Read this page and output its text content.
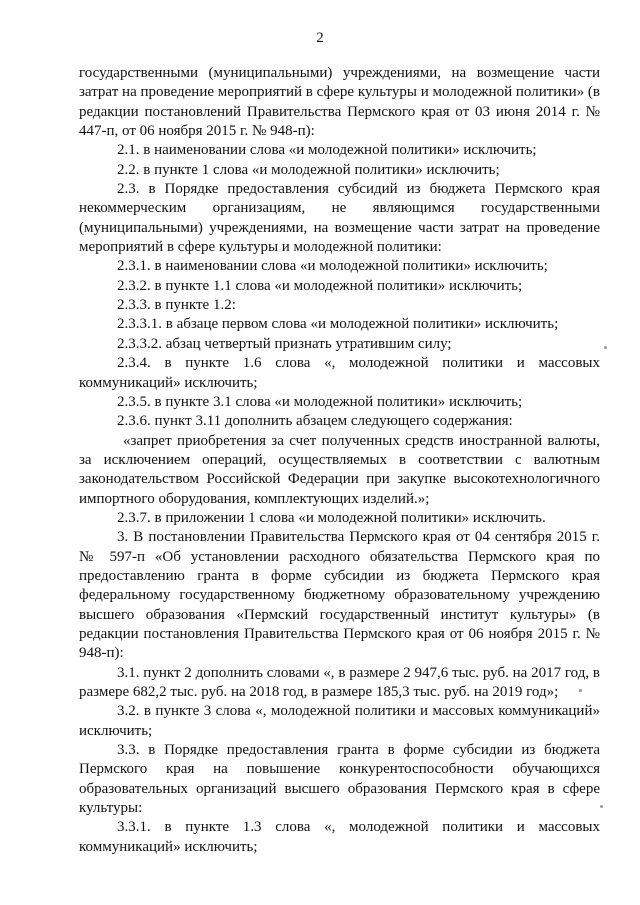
2

государственными (муниципальными) учреждениями, на возмещение части затрат на проведение мероприятий в сфере культуры и молодежной политики» (в редакции постановлений Правительства Пермского края от 03 июня 2014 г. № 447-п, от 06 ноября 2015 г. № 948-п):

2.1. в наименовании слова «и молодежной политики» исключить;

2.2. в пункте 1 слова «и молодежной политики» исключить;

2.3. в Порядке предоставления субсидий из бюджета Пермского края некоммерческим организациям, не являющимся государственными (муниципальными) учреждениями, на возмещение части затрат на проведение мероприятий в сфере культуры и молодежной политики:

2.3.1. в наименовании слова «и молодежной политики» исключить;

2.3.2. в пункте 1.1 слова «и молодежной политики» исключить;

2.3.3. в пункте 1.2:

2.3.3.1. в абзаце первом слова «и молодежной политики» исключить;

2.3.3.2. абзац четвертый признать утратившим силу;

2.3.4. в пункте 1.6 слова «, молодежной политики и массовых коммуникаций» исключить;

2.3.5. в пункте 3.1 слова «и молодежной политики» исключить;

2.3.6. пункт 3.11 дополнить абзацем следующего содержания:

«запрет приобретения за счет полученных средств иностранной валюты, за исключением операций, осуществляемых в соответствии с валютным законодательством Российской Федерации при закупке высокотехнологичного импортного оборудования, комплектующих изделий.»;

2.3.7. в приложении 1 слова «и молодежной политики» исключить.

3. В постановлении Правительства Пермского края от 04 сентября 2015 г. № 597-п «Об установлении расходного обязательства Пермского края по предоставлению гранта в форме субсидии из бюджета Пермского края федеральному государственному бюджетному образовательному учреждению высшего образования «Пермский государственный институт культуры» (в редакции постановления Правительства Пермского края от 06 ноября 2015 г. № 948-п):

3.1. пункт 2 дополнить словами «, в размере 2 947,6 тыс. руб. на 2017 год, в размере 682,2 тыс. руб. на 2018 год, в размере 185,3 тыс. руб. на 2019 год»;

3.2. в пункте 3 слова «, молодежной политики и массовых коммуникаций» исключить;

3.3. в Порядке предоставления гранта в форме субсидии из бюджета Пермского края на повышение конкурентоспособности обучающихся образовательных организаций высшего образования Пермского края в сфере культуры:

3.3.1. в пункте 1.3 слова «, молодежной политики и массовых коммуникаций» исключить;
